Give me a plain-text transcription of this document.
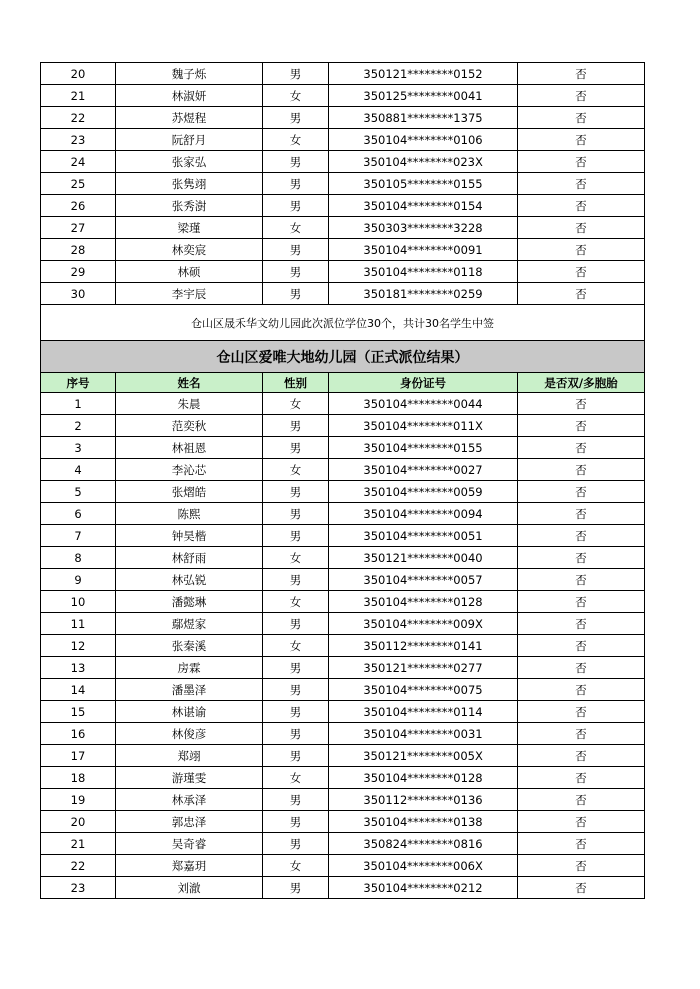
20	魏子烁	男	350121********0152	否
21	林淑妍	女	350125********0041	否
22	苏煜程	男	350881********1375	否
23	阮舒月	女	350104********0106	否
24	张家弘	男	350104********023X	否
25	张隽翊	男	350105********0155	否
26	张秀澍	男	350104********0154	否
27	梁瑾	女	350303********3228	否
28	林奕宸	男	350104********0091	否
29	林硕	男	350104********0118	否
30	李宇辰	男	350181********0259	否
仓山区晟禾华文幼儿园此次派位学位30个，共计30名学生中签				
仓山区爱唯大地幼儿园（正式派位结果）				
序号	姓名	性别	身份证号	是否双/多胞胎
1	朱晨	女	350104********0044	否
2	范奕秋	男	350104********011X	否
3	林祖恩	男	350104********0155	否
4	李沁芯	女	350104********0027	否
5	张熠皓	男	350104********0059	否
6	陈熙	男	350104********0094	否
7	钟昊楷	男	350104********0051	否
8	林舒雨	女	350121********0040	否
9	林弘锐	男	350104********0057	否
10	潘懿琳	女	350104********0128	否
11	鄢煜家	男	350104********009X	否
12	张秦溪	女	350112********0141	否
13	房霖	男	350121********0277	否
14	潘墨泽	男	350104********0075	否
15	林谌谕	男	350104********0114	否
16	林俊彦	男	350104********0031	否
17	郑翊	男	350121********005X	否
18	游瑾雯	女	350104********0128	否
19	林承泽	男	350112********0136	否
20	郭忠泽	男	350104********0138	否
21	吴奇睿	男	350824********0816	否
22	郑嘉玥	女	350104********006X	否
23	刘澈	男	350104********0212	否
